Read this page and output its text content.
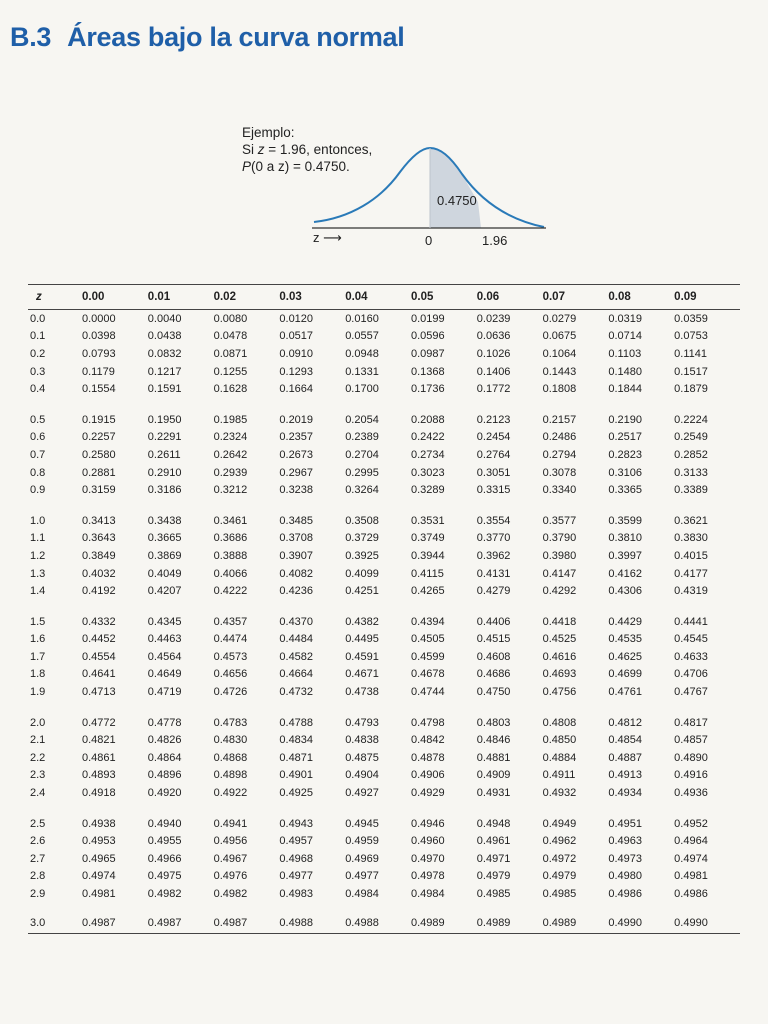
B.3 Áreas bajo la curva normal
Ejemplo:
Si z = 1.96, entonces,
P(0 a z) = 0.4750.
0.4750
z ⟶	0	1.96
z	0.00	0.01	0.02	0.03	0.04	0.05	0.06	0.07	0.08	0.09
0.0	0.0000	0.0040	0.0080	0.0120	0.0160	0.0199	0.0239	0.0279	0.0319	0.0359
0.1	0.0398	0.0438	0.0478	0.0517	0.0557	0.0596	0.0636	0.0675	0.0714	0.0753
0.2	0.0793	0.0832	0.0871	0.0910	0.0948	0.0987	0.1026	0.1064	0.1103	0.1141
0.3	0.1179	0.1217	0.1255	0.1293	0.1331	0.1368	0.1406	0.1443	0.1480	0.1517
0.4	0.1554	0.1591	0.1628	0.1664	0.1700	0.1736	0.1772	0.1808	0.1844	0.1879

0.5	0.1915	0.1950	0.1985	0.2019	0.2054	0.2088	0.2123	0.2157	0.2190	0.2224
0.6	0.2257	0.2291	0.2324	0.2357	0.2389	0.2422	0.2454	0.2486	0.2517	0.2549
0.7	0.2580	0.2611	0.2642	0.2673	0.2704	0.2734	0.2764	0.2794	0.2823	0.2852
0.8	0.2881	0.2910	0.2939	0.2967	0.2995	0.3023	0.3051	0.3078	0.3106	0.3133
0.9	0.3159	0.3186	0.3212	0.3238	0.3264	0.3289	0.3315	0.3340	0.3365	0.3389

1.0	0.3413	0.3438	0.3461	0.3485	0.3508	0.3531	0.3554	0.3577	0.3599	0.3621
1.1	0.3643	0.3665	0.3686	0.3708	0.3729	0.3749	0.3770	0.3790	0.3810	0.3830
1.2	0.3849	0.3869	0.3888	0.3907	0.3925	0.3944	0.3962	0.3980	0.3997	0.4015
1.3	0.4032	0.4049	0.4066	0.4082	0.4099	0.4115	0.4131	0.4147	0.4162	0.4177
1.4	0.4192	0.4207	0.4222	0.4236	0.4251	0.4265	0.4279	0.4292	0.4306	0.4319

1.5	0.4332	0.4345	0.4357	0.4370	0.4382	0.4394	0.4406	0.4418	0.4429	0.4441
1.6	0.4452	0.4463	0.4474	0.4484	0.4495	0.4505	0.4515	0.4525	0.4535	0.4545
1.7	0.4554	0.4564	0.4573	0.4582	0.4591	0.4599	0.4608	0.4616	0.4625	0.4633
1.8	0.4641	0.4649	0.4656	0.4664	0.4671	0.4678	0.4686	0.4693	0.4699	0.4706
1.9	0.4713	0.4719	0.4726	0.4732	0.4738	0.4744	0.4750	0.4756	0.4761	0.4767

2.0	0.4772	0.4778	0.4783	0.4788	0.4793	0.4798	0.4803	0.4808	0.4812	0.4817
2.1	0.4821	0.4826	0.4830	0.4834	0.4838	0.4842	0.4846	0.4850	0.4854	0.4857
2.2	0.4861	0.4864	0.4868	0.4871	0.4875	0.4878	0.4881	0.4884	0.4887	0.4890
2.3	0.4893	0.4896	0.4898	0.4901	0.4904	0.4906	0.4909	0.4911	0.4913	0.4916
2.4	0.4918	0.4920	0.4922	0.4925	0.4927	0.4929	0.4931	0.4932	0.4934	0.4936

2.5	0.4938	0.4940	0.4941	0.4943	0.4945	0.4946	0.4948	0.4949	0.4951	0.4952
2.6	0.4953	0.4955	0.4956	0.4957	0.4959	0.4960	0.4961	0.4962	0.4963	0.4964
2.7	0.4965	0.4966	0.4967	0.4968	0.4969	0.4970	0.4971	0.4972	0.4973	0.4974
2.8	0.4974	0.4975	0.4976	0.4977	0.4977	0.4978	0.4979	0.4979	0.4980	0.4981
2.9	0.4981	0.4982	0.4982	0.4983	0.4984	0.4984	0.4985	0.4985	0.4986	0.4986

3.0	0.4987	0.4987	0.4987	0.4988	0.4988	0.4989	0.4989	0.4989	0.4990	0.4990
